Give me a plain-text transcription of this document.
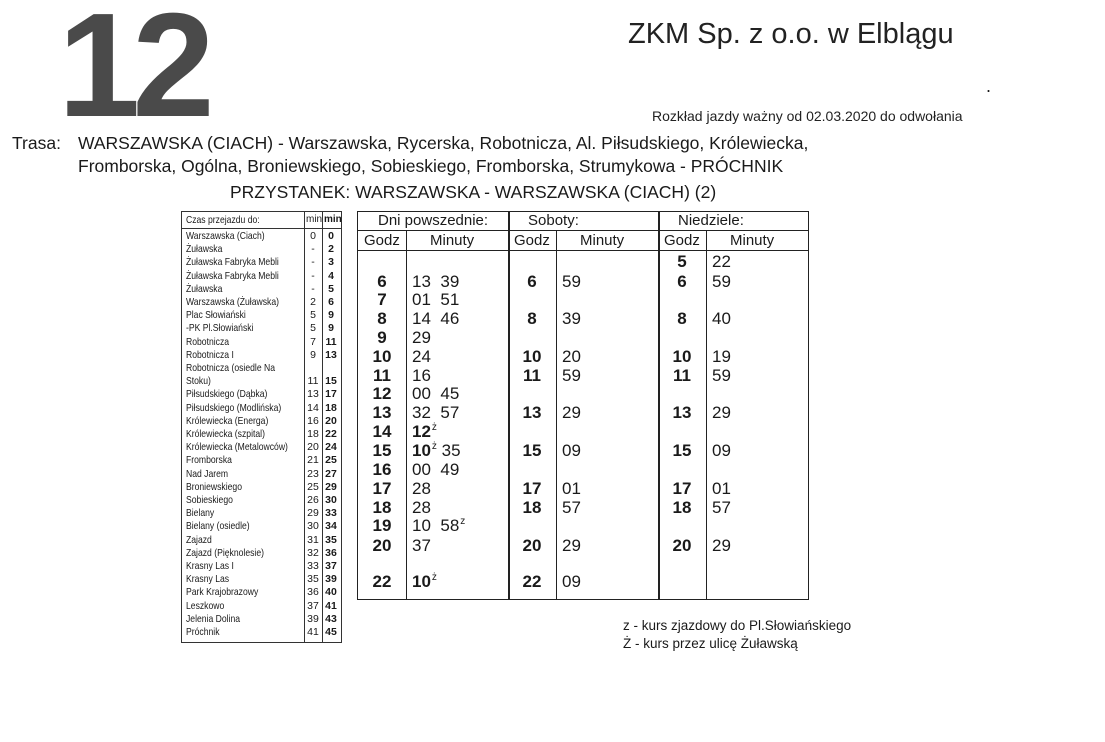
12	ZKM Sp. z o.o. w Elblągu
.
Rozkład jazdy ważny od 02.03.2020 do odwołania
Trasa: WARSZAWSKA (CIACH) - Warszawska, Rycerska, Robotnicza, Al. Piłsudskiego, Królewiecka,
Fromborska, Ogólna, Broniewskiego, Sobieskiego, Fromborska, Strumykowa - PRÓCHNIK
PRZYSTANEK: WARSZAWSKA - WARSZAWSKA (CIACH) (2)
Czas przejazdu do:	min min
Warszawska (Ciach)	0	0
Żuławska	-	2
Żuławska Fabryka Mebli	-	3
Żuławska Fabryka Mebli	-	4
Żuławska	-	5
Warszawska (Żuławska)	2	6
Plac Słowiański	5	9
-PK Pl.Słowiański	5	9
Robotnicza	7 11
Robotnicza I	9 13
Robotnicza (osiedle Na
Stoku)	11 15
Piłsudskiego (Dąbka)	13 17
Piłsudskiego (Modlińska) 14 18
Królewiecka (Energa)	16 20
Królewiecka (szpital)	18 22
Królewiecka (Metalowców) 20 24
Fromborska	21 25
Nad Jarem	23 27
Broniewskiego	25 29
Sobieskiego	26 30
Bielany	29 33
Bielany (osiedle)	30 34
Zajazd	31 35
Zajazd (Pięknolesie)	32 36
Krasny Las I	33 37
Krasny Las	35 39
Park Krajobrazowy	36 40
Leszkowo	37 41
Jelenia Dolina	39 43
Próchnik	41 45
Dni powszednie:
Godz Minuty
Soboty:
Godz Minuty
Niedziele:
Godz Minuty
6	13 39
7	01 51
8	14 46
9	29
10	24
11	16
12	00 45
13	32 57
14	$12^ż$
15	$10^ż$ 35
16	00 49
17	28
18	28
19	10 58$^z$
20	37
22	$10^ż$
6	59
8	39
10	20
11	59
13	29
15	09
17	01
18	57
20	29
22	09
5	22
6	59
8	40
10	19
11	59
13	29
15	09
17	01
18	57
20	29
z - kurs zjazdowy do Pl.Słowiańskiego
Ż - kurs przez ulicę Żuławską
